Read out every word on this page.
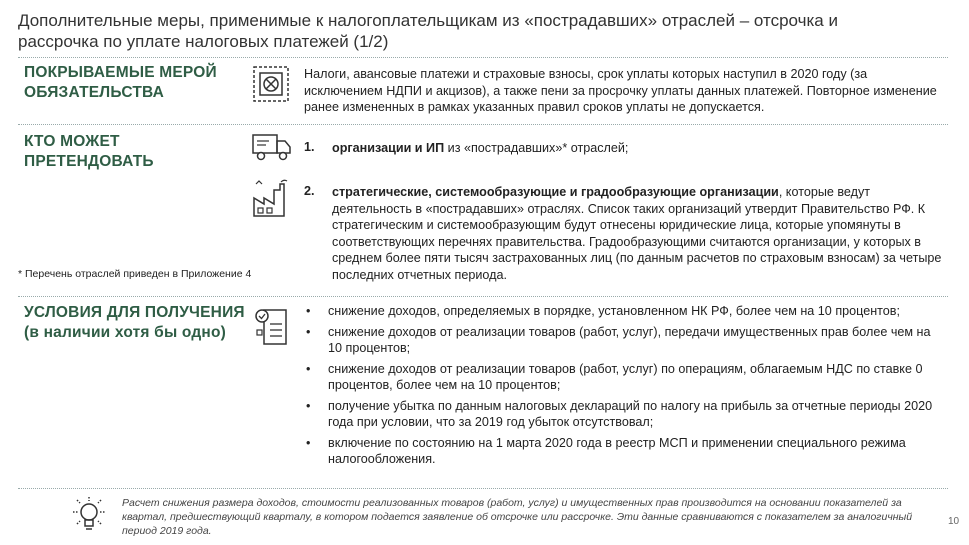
Дополнительные меры, применимые к налогоплательщикам из «пострадавших» отраслей – отсрочка и рассрочка по уплате налоговых платежей (1/2)
ПОКРЫВАЕМЫЕ МЕРОЙ ОБЯЗАТЕЛЬСТВА
Налоги, авансовые платежи и страховые взносы, срок уплаты которых наступил в 2020 году (за исключением НДПИ и акцизов), а также пени за просрочку уплаты данных платежей. Повторное изменение ранее измененных в рамках указанных правил сроков уплаты не допускается.
КТО МОЖЕТ ПРЕТЕНДОВАТЬ
1. организации и ИП из «пострадавших»* отраслей;
2. стратегические, системообразующие и градообразующие организации, которые ведут деятельность в «пострадавших» отраслях. Список таких организаций утвердит Правительство РФ. К стратегическим и системообразующим будут отнесены юридические лица, которые упомянуты в соответствующих перечнях правительства. Градообразующими считаются организации, у которых в среднем более пяти тысяч застрахованных лиц (по данным расчетов по страховым взносам) за четыре последних отчетных периода.
* Перечень отраслей приведен в Приложение 4
УСЛОВИЯ ДЛЯ ПОЛУЧЕНИЯ (в наличии хотя бы одно)
• снижение доходов, определяемых в порядке, установленном НК РФ, более чем на 10 процентов;
• снижение доходов от реализации товаров (работ, услуг), передачи имущественных прав более чем на 10 процентов;
• снижение доходов от реализации товаров (работ, услуг) по операциям, облагаемым НДС по ставке 0 процентов, более чем на 10 процентов;
• получение убытка по данным налоговых деклараций по налогу на прибыль за отчетные периоды 2020 года при условии, что за 2019 год убыток отсутствовал;
• включение по состоянию на 1 марта 2020 года в реестр МСП и применении специального режима налогообложения.
Расчет снижения размера доходов, стоимости реализованных товаров (работ, услуг) и имущественных прав производится на основании показателей за квартал, предшествующий кварталу, в котором подается заявление об отсрочке или рассрочке. Эти данные сравниваются с показателем за аналогичный период 2019 года.
10
